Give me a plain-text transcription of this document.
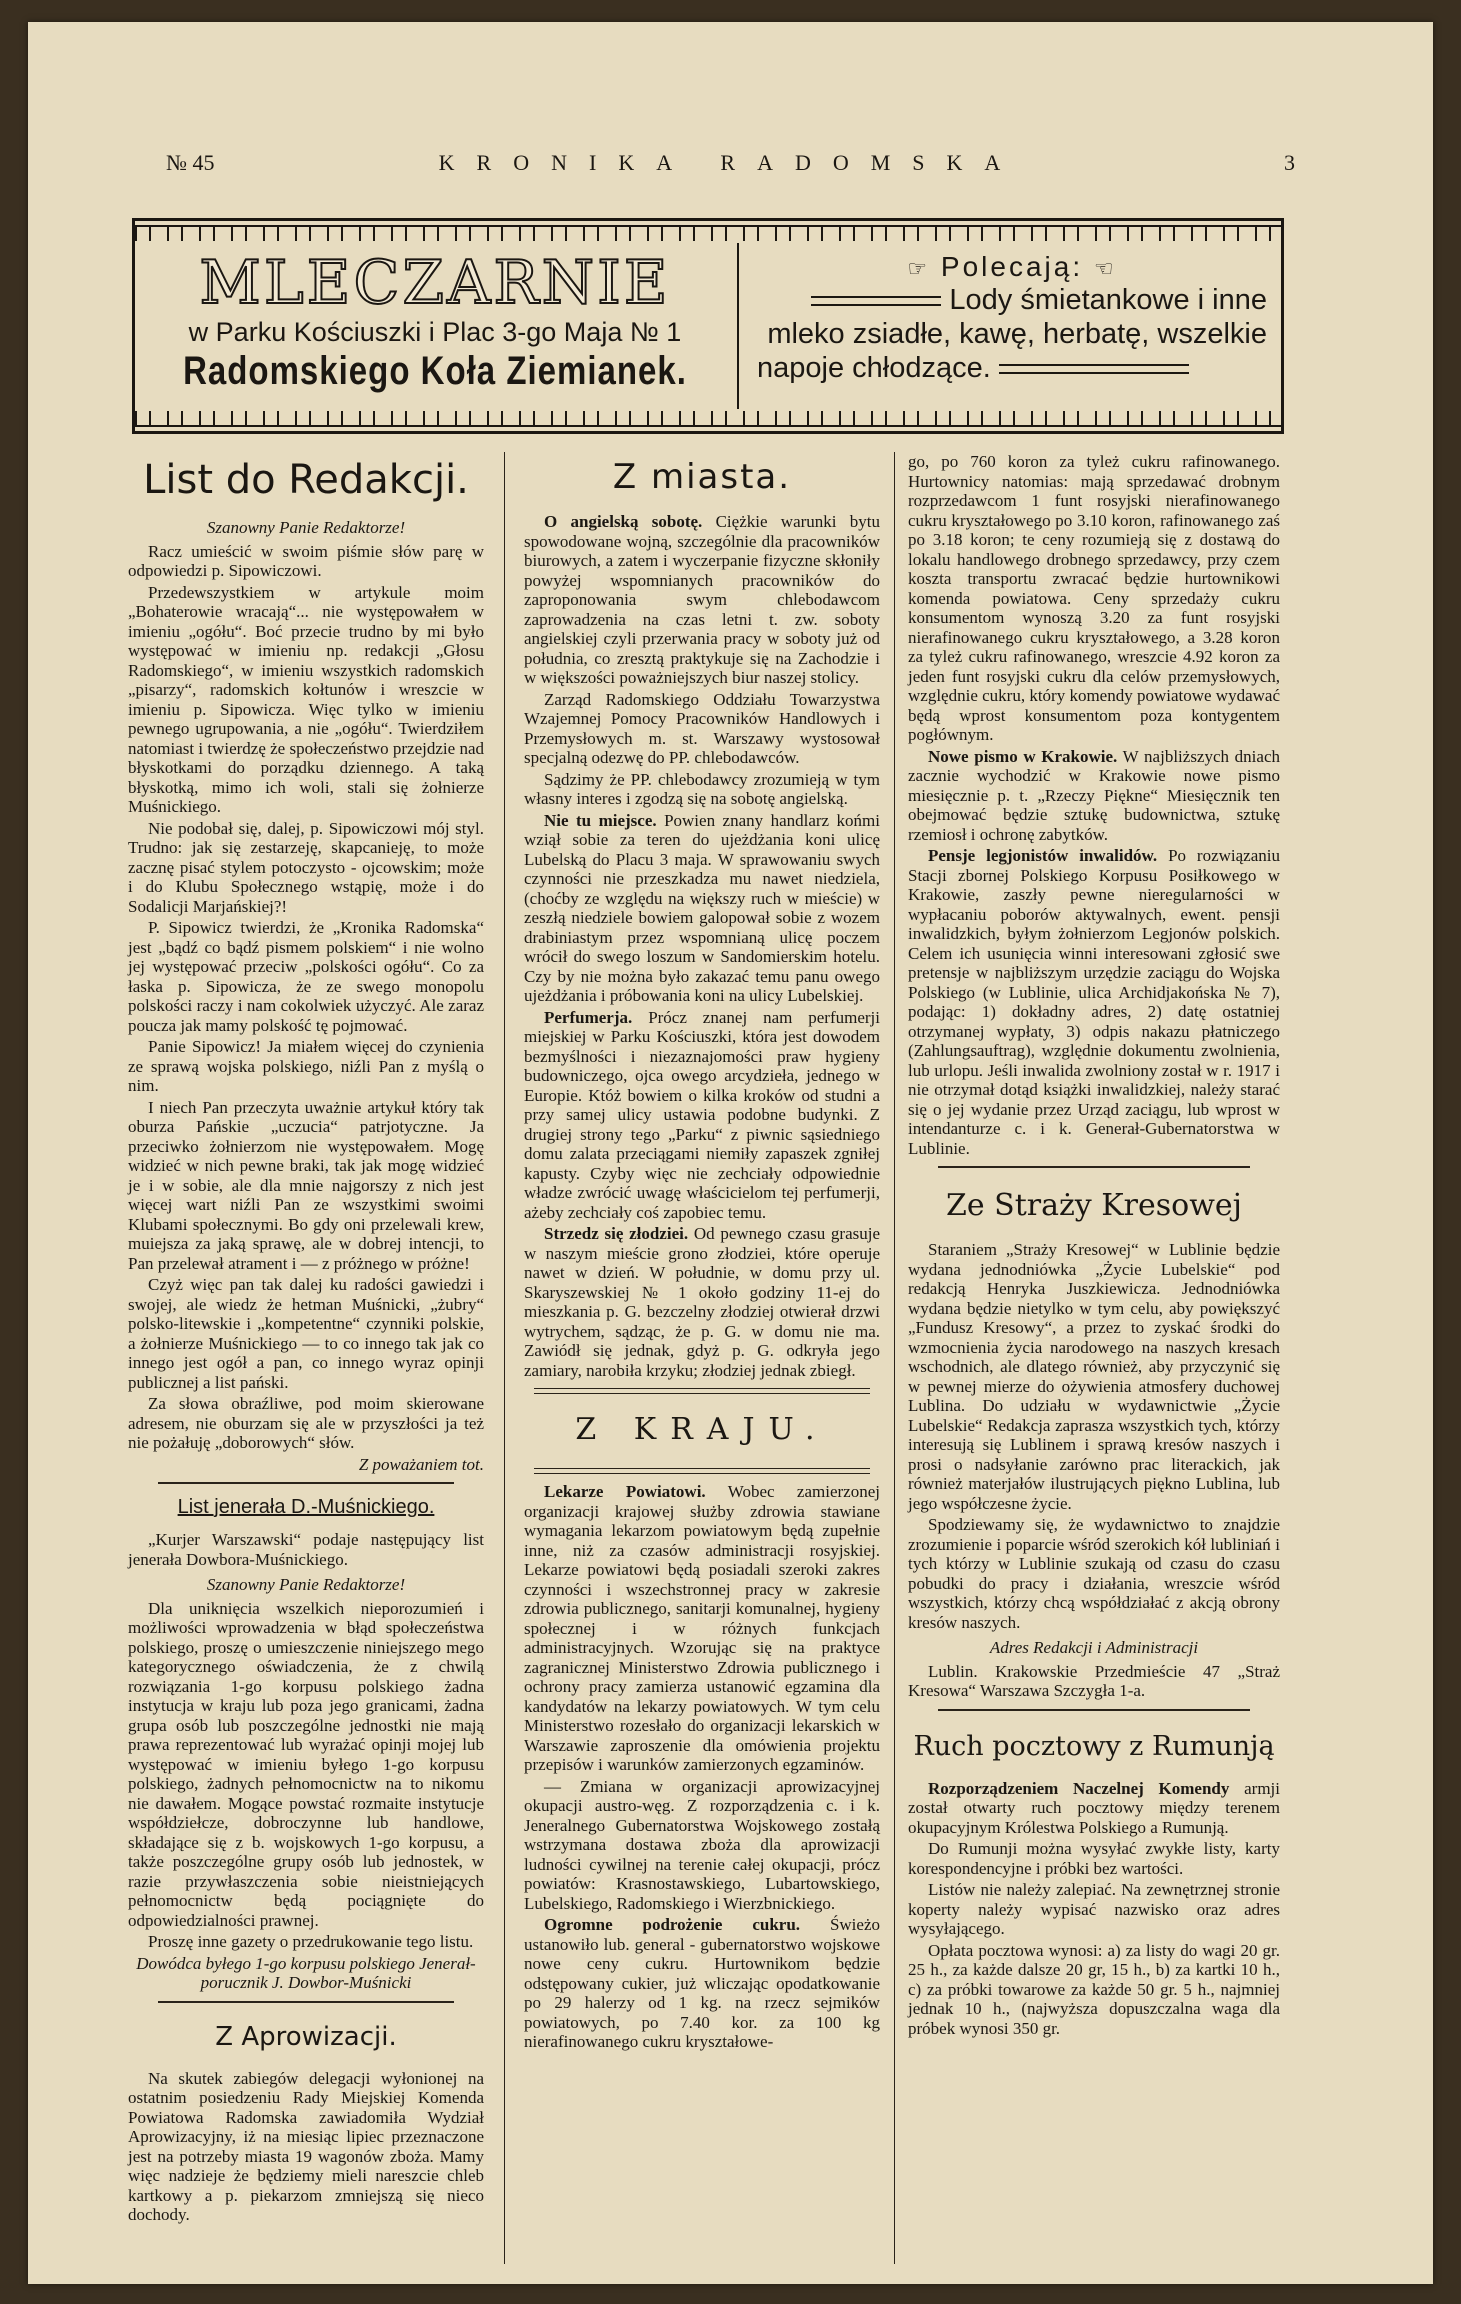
№ 45	KRONIKA RADOMSKA	3
MLECZARNIE
w Parku Kościuszki i Plac 3-go Maja № 1
Radomskiego Koła Ziemianek.
☞ Polecają: ☜
Lody śmietankowe i inne
mleko zsiadłe, kawę, herbatę, wszelkie
napoje chłodzące.
List do Redakcji.

Szanowny Panie Redaktorze!

Racz umieścić w swoim piśmie słów parę w odpowiedzi p. Sipowiczowi.

Przedewszystkiem w artykule moim „Bohaterowie wracają“... nie występowałem w imieniu „ogółu“. Boć przecie trudno by mi było występować w imieniu np. redakcji „Głosu Radomskiego“, w imieniu wszystkich radomskich „pisarzy“, radomskich kołtunów i wreszcie w imieniu p. Sipowicza. Więc tylko w imieniu pewnego ugrupowania, a nie „ogółu“. Twierdziłem natomiast i twierdzę że społeczeństwo przejdzie nad błyskotkami do porządku dziennego. A taką błyskotką, mimo ich woli, stali się żołnierze Muśnickiego.

Nie podobał się, dalej, p. Sipowiczowi mój styl. Trudno: jak się zestarzeję, skapcanieję, to może zacznę pisać stylem potoczysto - ojcowskim; może i do Klubu Społecznego wstąpię, może i do Sodalicji Marjańskiej?!

P. Sipowicz twierdzi, że „Kronika Radomska“ jest „bądź co bądź pismem polskiem“ i nie wolno jej występować przeciw „polskości ogółu“. Co za łaska p. Sipowicza, że ze swego monopolu polskości raczy i nam cokolwiek użyczyć. Ale zaraz poucza jak mamy polskość tę pojmować.

Panie Sipowicz! Ja miałem więcej do czynienia ze sprawą wojska polskiego, niźli Pan z myślą o nim.

I niech Pan przeczyta uważnie artykuł który tak oburza Pańskie „uczucia“ patrjotyczne. Ja przeciwko żołnierzom nie występowałem. Mogę widzieć w nich pewne braki, tak jak mogę widzieć je i w sobie, ale dla mnie najgorszy z nich jest więcej wart niźli Pan ze wszystkimi swoimi Klubami społecznymi. Bo gdy oni przelewali krew, muiejsza za jaką sprawę, ale w dobrej intencji, to Pan przelewał atrament i — z próżnego w próżne!

Czyż więc pan tak dalej ku radości gawiedzi i swojej, ale wiedz że hetman Muśnicki, „żubry“ polsko-litewskie i „kompetentne“ czynniki polskie, a żołnierze Muśnickiego — to co innego tak jak co innego jest ogół a pan, co innego wyraz opinji publicznej a list pański.

Za słowa obraźliwe, pod moim skierowane adresem, nie oburzam się ale w przyszłości ja też nie pożałuję „doborowych“ słów.

Z poważaniem tot.

List jenerała D.-Muśnickiego.

„Kurjer Warszawski“ podaje następujący list jenerała Dowbora-Muśnickiego.

Szanowny Panie Redaktorze!

Dla uniknięcia wszelkich nieporozumień i możliwości wprowadzenia w błąd społeczeństwa polskiego, proszę o umieszczenie niniejszego mego kategorycznego oświadczenia, że z chwilą rozwiązania 1-go korpusu polskiego żadna instytucja w kraju lub poza jego granicami, żadna grupa osób lub poszczególne jednostki nie mają prawa reprezentować lub wyrażać opinji mojej lub występować w imieniu byłego 1-go korpusu polskiego, żadnych pełnomocnictw na to nikomu nie dawałem. Mogące powstać rozmaite instytucje współdziełcze, dobroczynne lub handlowe, składające się z b. wojskowych 1-go korpusu, a także poszczególne grupy osób lub jednostek, w razie przywłaszczenia sobie nieistniejących pełnomocnictw będą pociągnięte do odpowiedzialności prawnej.

Proszę inne gazety o przedrukowanie tego listu.

Dowódca byłego 1-go korpusu polskiego Jenerał-porucznik J. Dowbor-Muśnicki

Z Aprowizacji.

Na skutek zabiegów delegacji wyłonionej na ostatnim posiedzeniu Rady Miejskiej Komenda Powiatowa Radomska zawiadomiła Wydział Aprowizacyjny, iż na miesiąc lipiec przeznaczone jest na potrzeby miasta 19 wagonów zboża. Mamy więc nadzieje że będziemy mieli nareszcie chleb kartkowy a p. piekarzom zmniejszą się nieco dochody.

Z miasta.

O angielską sobotę. Ciężkie warunki bytu spowodowane wojną, szczególnie dla pracowników biurowych, a zatem i wyczerpanie fizyczne skłoniły powyżej wspomnianych pracowników do zaproponowania swym chlebodawcom zaprowadzenia na czas letni t. zw. soboty angielskiej czyli przerwania pracy w soboty już od południa, co zresztą praktykuje się na Zachodzie i w większości poważniejszych biur naszej stolicy.

Zarząd Radomskiego Oddziału Towarzystwa Wzajemnej Pomocy Pracowników Handlowych i Przemysłowych m. st. Warszawy wystosował specjalną odezwę do PP. chlebodawców.

Sądzimy że PP. chlebodawcy zrozumieją w tym własny interes i zgodzą się na sobotę angielską.

Nie tu miejsce. Powien znany handlarz końmi wziął sobie za teren do ujeżdżania koni ulicę Lubelską do Placu 3 maja. W sprawowaniu swych czynności nie przeszkadza mu nawet niedziela, (choćby ze względu na większy ruch w mieście) w zeszłą niedziele bowiem galopował sobie z wozem drabiniastym przez wspomnianą ulicę poczem wrócił do swego loszum w Sandomierskim hotelu. Czy by nie można było zakazać temu panu owego ujeżdżania i próbowania koni na ulicy Lubelskiej.

Perfumerja. Prócz znanej nam perfumerji miejskiej w Parku Kościuszki, która jest dowodem bezmyślności i niezaznajomości praw hygieny budowniczego, ojca owego arcydzieła, jednego w Europie. Któż bowiem o kilka kroków od studni a przy samej ulicy ustawia podobne budynki. Z drugiej strony tego „Parku“ z piwnic sąsiedniego domu zalata przeciągami niemiły zapaszek zgniłej kapusty. Czyby więc nie zechciały odpowiednie władze zwrócić uwagę właścicielom tej perfumerji, ażeby zechciały coś zapobiec temu.

Strzedz się złodziei. Od pewnego czasu grasuje w naszym mieście grono złodziei, które operuje nawet w dzień. W południe, w domu przy ul. Skaryszewskiej № 1 około godziny 11-ej do mieszkania p. G. bezczelny złodziej otwierał drzwi wytrychem, sądząc, że p. G. w domu nie ma. Zawiódł się jednak, gdyż p. G. odkryła jego zamiary, narobiła krzyku; złodziej jednak zbiegł.

Z KRAJU.

Lekarze Powiatowi. Wobec zamierzonej organizacji krajowej służby zdrowia stawiane wymagania lekarzom powiatowym będą zupełnie inne, niż za czasów administracji rosyjskiej. Lekarze powiatowi będą posiadali szeroki zakres czynności i wszechstronnej pracy w zakresie zdrowia publicznego, sanitarji komunalnej, hygieny społecznej i w różnych funkcjach administracyjnych. Wzorując się na praktyce zagranicznej Ministerstwo Zdrowia publicznego i ochrony pracy zamierza ustanowić egzamina dla kandydatów na lekarzy powiatowych. W tym celu Ministerstwo rozesłało do organizacji lekarskich w Warszawie zaproszenie dla omówienia projektu przepisów i warunków zamierzonych egzaminów.

— Zmiana w organizacji aprowizacyjnej okupacji austro-węg. Z rozporządzenia c. i k. Jeneralnego Gubernatorstwa Wojskowego zostałą wstrzymana dostawa zboża dla aprowizacji ludności cywilnej na terenie całej okupacji, prócz powiatów: Krasnostawskiego, Lubartowskiego, Lubelskiego, Radomskiego i Wierzbnickiego.

Ogromne podrożenie cukru. Świeżo ustanowiło lub. general - gubernatorstwo wojskowe nowe ceny cukru. Hurtownikom będzie odstępowany cukier, już wliczając opodatkowanie po 29 halerzy od 1 kg. na rzecz sejmików powiatowych, po 7.40 kor. za 100 kg nierafinowanego cukru kryształowe-

go, po 760 koron za tyleż cukru rafinowanego. Hurtownicy natomias: mają sprzedawać drobnym rozprzedawcom 1 funt rosyjski nierafinowanego cukru kryształowego po 3.10 koron, rafinowanego zaś po 3.18 koron; te ceny rozumieją się z dostawą do lokalu handlowego drobnego sprzedawcy, przy czem koszta transportu zwracać będzie hurtownikowi komenda powiatowa. Ceny sprzedaży cukru konsumentom wynoszą 3.20 za funt rosyjski nierafinowanego cukru kryształowego, a 3.28 koron za tyleż cukru rafinowanego, wreszcie 4.92 koron za jeden funt rosyjski cukru dla celów przemysłowych, względnie cukru, który komendy powiatowe wydawać będą wprost konsumentom poza kontygentem pogłównym.

Nowe pismo w Krakowie. W najbliższych dniach zacznie wychodzić w Krakowie nowe pismo miesięcznie p. t. „Rzeczy Piękne“ Miesięcznik ten obejmować będzie sztukę budownictwa, sztukę rzemiosł i ochronę zabytków.

Pensje legjonistów inwalidów. Po rozwiązaniu Stacji zbornej Polskiego Korpusu Posiłkowego w Krakowie, zaszły pewne nieregularności w wypłacaniu poborów aktywalnych, ewent. pensji inwalidzkich, byłym żołnierzom Legjonów polskich. Celem ich usunięcia winni interesowani zgłosić swe pretensje w najbliższym urzędzie zaciągu do Wojska Polskiego (w Lublinie, ulica Archidjakońska № 7), podając: 1) dokładny adres, 2) datę ostatniej otrzymanej wypłaty, 3) odpis nakazu płatniczego (Zahlungsauftrag), względnie dokumentu zwolnienia, lub urlopu. Jeśli inwalida zwolniony został w r. 1917 i nie otrzymał dotąd książki inwalidzkiej, należy starać się o jej wydanie przez Urząd zaciągu, lub wprost w intendanturze c. i k. Generał-Gubernatorstwa w Lublinie.

Ze Straży Kresowej

Staraniem „Straży Kresowej“ w Lublinie będzie wydana jednodniówka „Życie Lubelskie“ pod redakcją Henryka Juszkiewicza. Jednodniówka wydana będzie nietylko w tym celu, aby powiększyć „Fundusz Kresowy“, a przez to zyskać środki do wzmocnienia życia narodowego na naszych kresach wschodnich, ale dlatego również, aby przyczynić się w pewnej mierze do ożywienia atmosfery duchowej Lublina. Do udziału w wydawnictwie „Życie Lubelskie“ Redakcja zaprasza wszystkich tych, którzy interesują się Lublinem i sprawą kresów naszych i prosi o nadsyłanie zarówno prac literackich, jak również materjałów ilustrujących piękno Lublina, lub jego współczesne życie.

Spodziewamy się, że wydawnictwo to znajdzie zrozumienie i poparcie wśród szerokich kół lubliniań i tych którzy w Lublinie szukają od czasu do czasu pobudki do pracy i działania, wreszcie wśród wszystkich, którzy chcą współdziałać z akcją obrony kresów naszych.

Adres Redakcji i Administracji

Lublin. Krakowskie Przedmieście 47 „Straż Kresowa“ Warszawa Szczygła 1-a.

Ruch pocztowy z Rumunją

Rozporządzeniem Naczelnej Komendy armji został otwarty ruch pocztowy między terenem okupacyjnym Królestwa Polskiego a Rumunją.

Do Rumunji można wysyłać zwykłe listy, karty korespondencyjne i próbki bez wartości.

Listów nie należy zalepiać. Na zewnętrznej stronie koperty należy wypisać nazwisko oraz adres wysyłającego.

Opłata pocztowa wynosi: a) za listy do wagi 20 gr. 25 h., za każde dalsze 20 gr, 15 h., b) za kartki 10 h., c) za próbki towarowe za każde 50 gr. 5 h., najmniej jednak 10 h., (najwyższa dopuszczalna waga dla próbek wynosi 350 gr.
